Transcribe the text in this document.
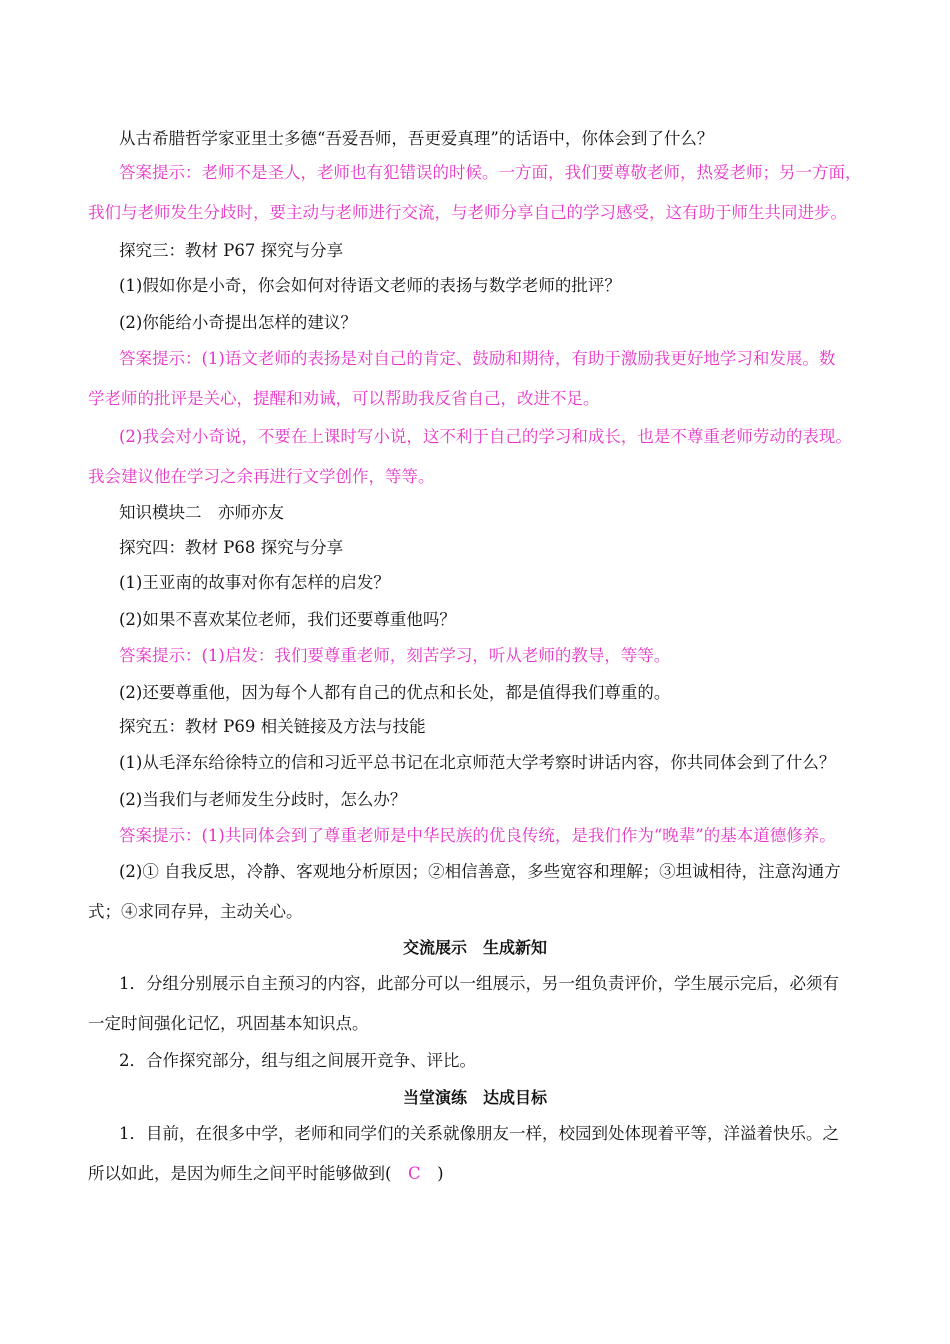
从古希腊哲学家亚里士多德“吾爱吾师，吾更爱真理”的话语中，你体会到了什么？
答案提示：老师不是圣人，老师也有犯错误的时候。一方面，我们要尊敬老师，热爱老师；另一方面，
我们与老师发生分歧时，要主动与老师进行交流，与老师分享自己的学习感受，这有助于师生共同进步。
探究三：教材 P67 探究与分享
(1)假如你是小奇，你会如何对待语文老师的表扬与数学老师的批评？
(2)你能给小奇提出怎样的建议？
答案提示：(1)语文老师的表扬是对自己的肯定、鼓励和期待，有助于激励我更好地学习和发展。数
学老师的批评是关心，提醒和劝诫，可以帮助我反省自己，改进不足。
(2)我会对小奇说，不要在上课时写小说，这不利于自己的学习和成长，也是不尊重老师劳动的表现。
我会建议他在学习之余再进行文学创作，等等。
知识模块二　亦师亦友
探究四：教材 P68 探究与分享
(1)王亚南的故事对你有怎样的启发？
(2)如果不喜欢某位老师，我们还要尊重他吗？
答案提示：(1)启发：我们要尊重老师，刻苦学习，听从老师的教导，等等。
(2)还要尊重他，因为每个人都有自己的优点和长处，都是值得我们尊重的。
探究五：教材 P69 相关链接及方法与技能
(1)从毛泽东给徐特立的信和习近平总书记在北京师范大学考察时讲话内容，你共同体会到了什么？
(2)当我们与老师发生分歧时，怎么办？
答案提示：(1)共同体会到了尊重老师是中华民族的优良传统，是我们作为“晚辈”的基本道德修养。
(2)① 自我反思，冷静、客观地分析原因；②相信善意，多些宽容和理解；③坦诚相待，注意沟通方
式；④求同存异，主动关心。
交流展示　生成新知
1．分组分别展示自主预习的内容，此部分可以一组展示，另一组负责评价，学生展示完后，必须有
一定时间强化记忆，巩固基本知识点。
2．合作探究部分，组与组之间展开竞争、评比。
当堂演练　达成目标
1．目前，在很多中学，老师和同学们的关系就像朋友一样，校园到处体现着平等，洋溢着快乐。之
所以如此，是因为师生之间平时能够做到(　C　)
